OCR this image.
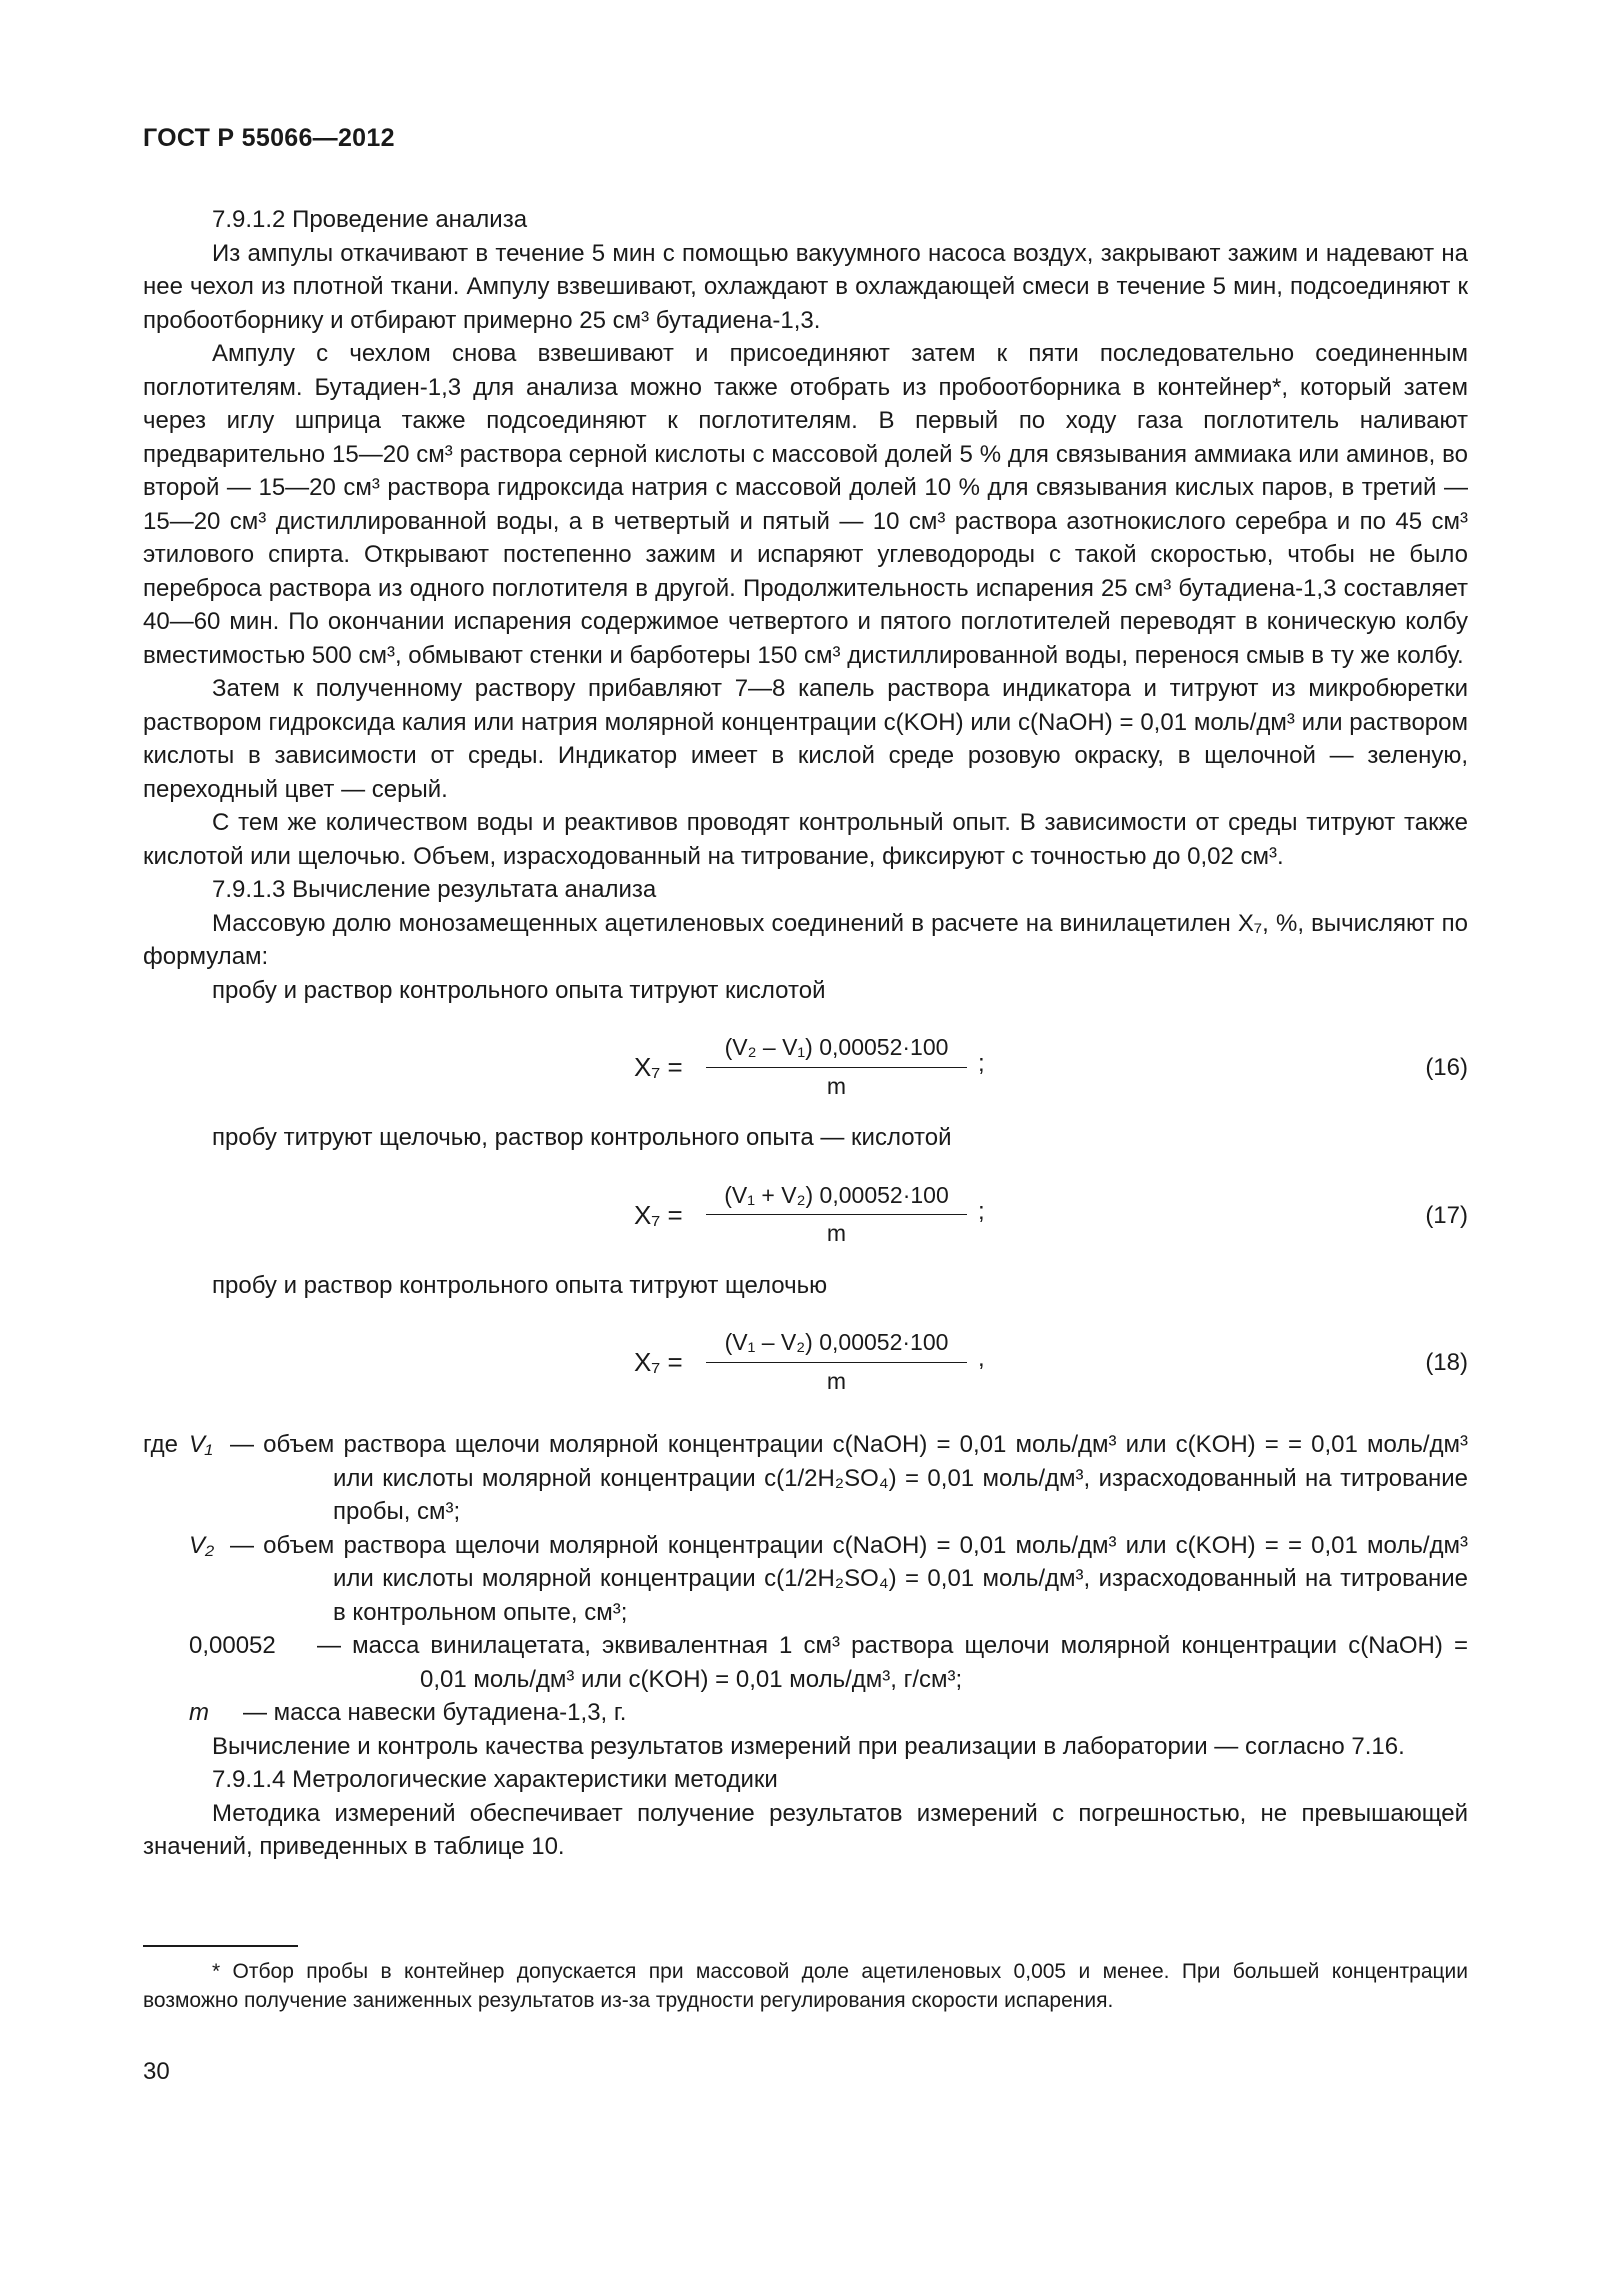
ГОСТ Р 55066—2012

7.9.1.2 Проведение анализа

Из ампулы откачивают в течение 5 мин с помощью вакуумного насоса воздух, закрывают зажим и надевают на нее чехол из плотной ткани. Ампулу взвешивают, охлаждают в охлаждающей смеси в течение 5 мин, подсоединяют к пробоотборнику и отбирают примерно 25 см³ бутадиена-1,3.

Ампулу с чехлом снова взвешивают и присоединяют затем к пяти последовательно соединенным поглотителям. Бутадиен-1,3 для анализа можно также отобрать из пробоотборника в контейнер*, который затем через иглу шприца также подсоединяют к поглотителям. В первый по ходу газа поглотитель наливают предварительно 15—20 см³ раствора серной кислоты с массовой долей 5 % для связывания аммиака или аминов, во второй — 15—20 см³ раствора гидроксида натрия с массовой долей 10 % для связывания кислых паров, в третий — 15—20 см³ дистиллированной воды, а в четвертый и пятый — 10 см³ раствора азотнокислого серебра и по 45 см³ этилового спирта. Открывают постепенно зажим и испаряют углеводороды с такой скоростью, чтобы не было переброса раствора из одного поглотителя в другой. Продолжительность испарения 25 см³ бутадиена-1,3 составляет 40—60 мин. По окончании испарения содержимое четвертого и пятого поглотителей переводят в коническую колбу вместимостью 500 см³, обмывают стенки и барботеры 150 см³ дистиллированной воды, перенося смыв в ту же колбу.

Затем к полученному раствору прибавляют 7—8 капель раствора индикатора и титруют из микробюретки раствором гидроксида калия или натрия молярной концентрации c(KOH) или c(NaOH) = 0,01 моль/дм³ или раствором кислоты в зависимости от среды. Индикатор имеет в кислой среде розовую окраску, в щелочной — зеленую, переходный цвет — серый.

С тем же количеством воды и реактивов проводят контрольный опыт. В зависимости от среды титруют также кислотой или щелочью. Объем, израсходованный на титрование, фиксируют с точностью до 0,02 см³.

7.9.1.3 Вычисление результата анализа

Массовую долю монозамещенных ацетиленовых соединений в расчете на винилацетилен X₇, %, вычисляют по формулам:

пробу и раствор контрольного опыта титруют кислотой

$X_7 = \frac{\text{(V₂ – V₁) 0,00052·100}}{m}$ ;	(16)

пробу титруют щелочью, раствор контрольного опыта — кислотой

$X_7 = \frac{\text{(V₁ + V₂) 0,00052·100}}{m}$ ;	(17)

пробу и раствор контрольного опыта титруют щелочью

$X_7 = \frac{\text{(V₁ – V₂) 0,00052·100}}{m}$ ,	(18)
где V₁ — объем раствора щелочи молярной концентрации c(NaOH) = 0,01 моль/дм³ или c(KOH) = = 0,01 моль/дм³ или кислоты молярной концентрации c(1/2H₂SO₄) = 0,01 моль/дм³, израсходованный на титрование пробы, см³;

V₂ — объем раствора щелочи молярной концентрации c(NaOH) = 0,01 моль/дм³ или c(KOH) = = 0,01 моль/дм³ или кислоты молярной концентрации c(1/2H₂SO₄) = 0,01 моль/дм³, израсходованный на титрование в контрольном опыте, см³;

0,00052 — масса винилацетата, эквивалентная 1 см³ раствора щелочи молярной концентрации c(NaOH) = 0,01 моль/дм³ или c(KOH) = 0,01 моль/дм³, г/см³;

m — масса навески бутадиена-1,3, г.

Вычисление и контроль качества результатов измерений при реализации в лаборатории — согласно 7.16.

7.9.1.4 Метрологические характеристики методики

Методика измерений обеспечивает получение результатов измерений с погрешностью, не превышающей значений, приведенных в таблице 10.

* Отбор пробы в контейнер допускается при массовой доле ацетиленовых 0,005 и менее. При большей концентрации возможно получение заниженных результатов из-за трудности регулирования скорости испарения.
30
